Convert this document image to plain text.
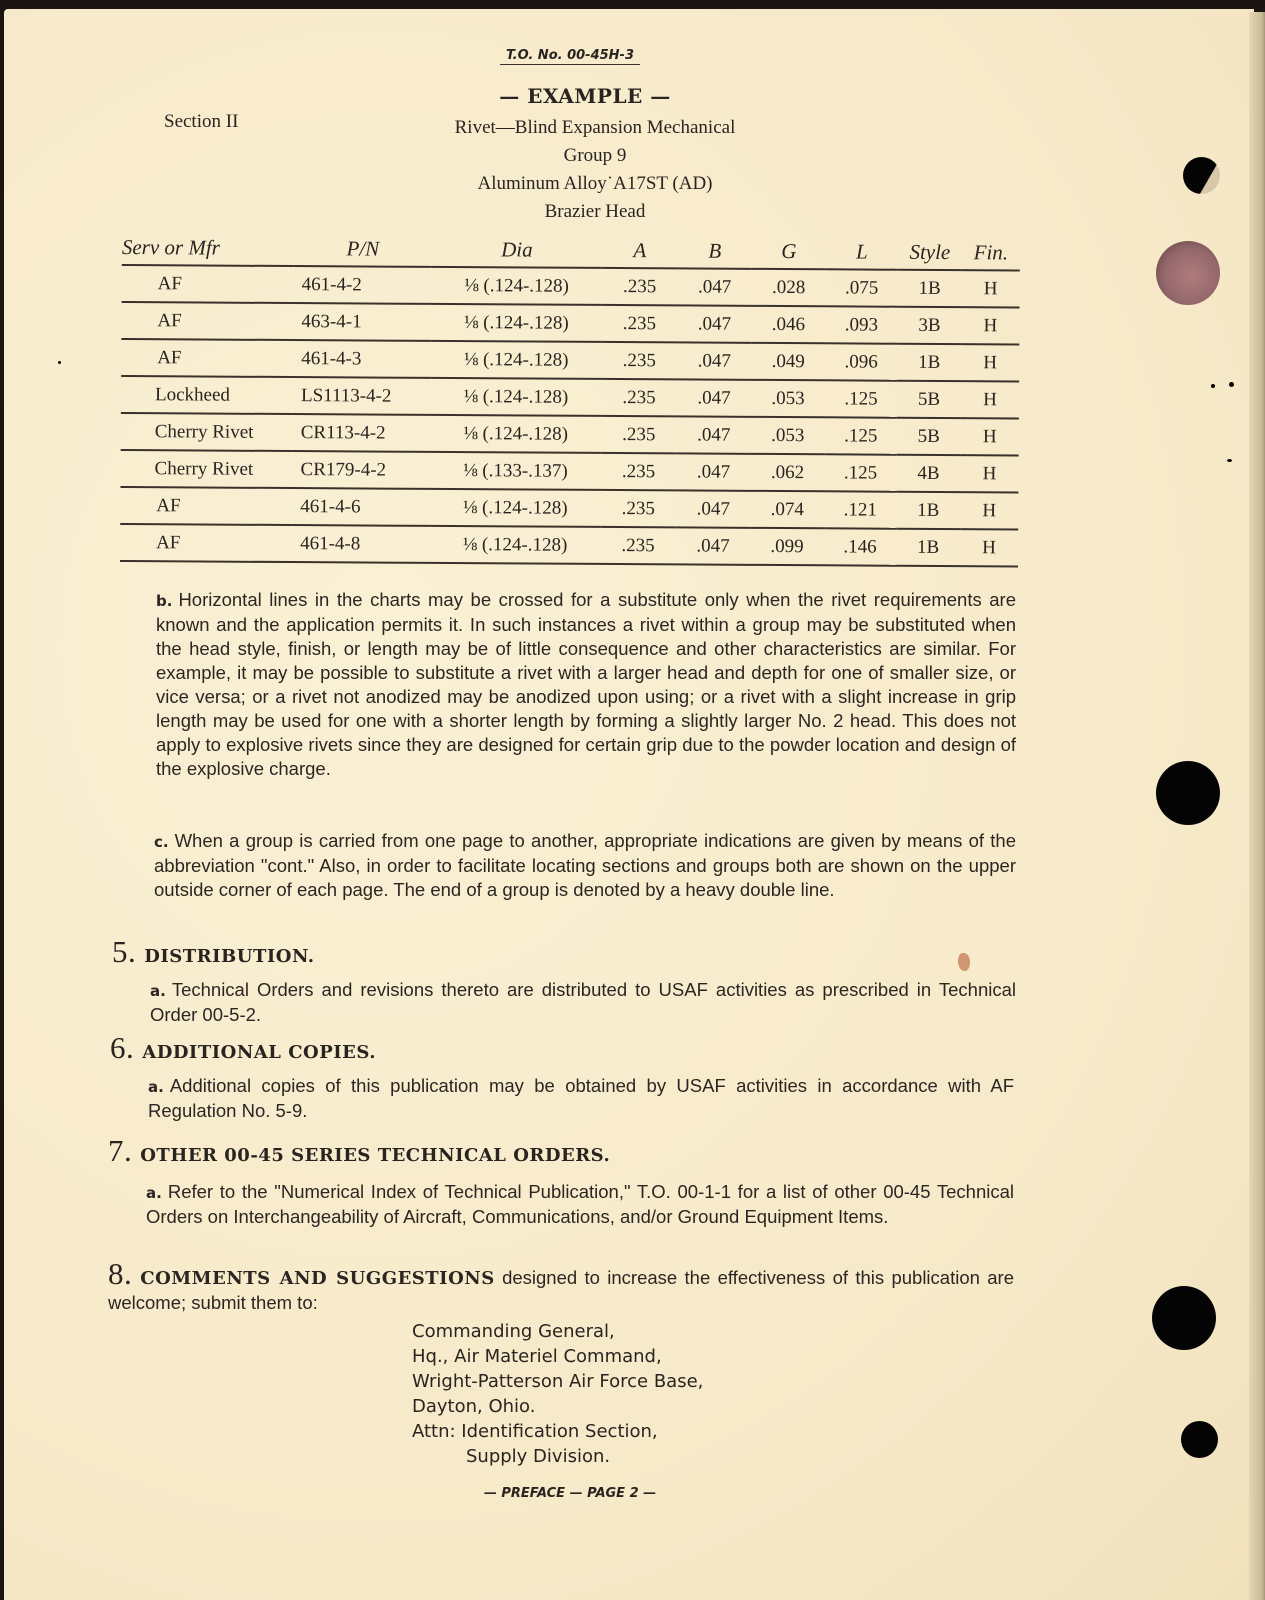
T.O. No. 00-45H-3
— EXAMPLE —
Section II	Rivet—Blind Expansion Mechanical
Group 9
Aluminum Alloy˙A17ST (AD)
Brazier Head
Serv or Mfr	P/N	Dia	A	B	G	L	Style	Fin.
AF	461-4-2	⅛ (.124-.128)	.235	.047	.028	.075	1B	H
AF	463-4-1	⅛ (.124-.128)	.235	.047	.046	.093	3B	H
AF	461-4-3	⅛ (.124-.128)	.235	.047	.049	.096	1B	H
Lockheed	LS1113-4-2	⅛ (.124-.128)	.235	.047	.053	.125	5B	H
Cherry Rivet	CR113-4-2	⅛ (.124-.128)	.235	.047	.053	.125	5B	H
Cherry Rivet	CR179-4-2	⅛ (.133-.137)	.235	.047	.062	.125	4B	H
AF	461-4-6	⅛ (.124-.128)	.235	.047	.074	.121	1B	H
AF	461-4-8	⅛ (.124-.128)	.235	.047	.099	.146	1B	H
b. Horizontal lines in the charts may be crossed for a substitute only when the rivet requirements are known and the application permits it. In such instances a rivet within a group may be substituted when the head style, finish, or length may be of little consequence and other characteristics are similar. For example, it may be possible to substitute a rivet with a larger head and depth for one of smaller size, or vice versa; or a rivet not anodized may be anodized upon using; or a rivet with a slight increase in grip length may be used for one with a shorter length by forming a slightly larger No. 2 head. This does not apply to explosive rivets since they are designed for certain grip due to the powder location and design of the explosive charge.
c. When a group is carried from one page to another, appropriate indications are given by means of the abbreviation "cont." Also, in order to facilitate locating sections and groups both are shown on the upper outside corner of each page. The end of a group is denoted by a heavy double line.
5. DISTRIBUTION.
a. Technical Orders and revisions thereto are distributed to USAF activities as prescribed in Technical Order 00-5-2.
6. ADDITIONAL COPIES.
a. Additional copies of this publication may be obtained by USAF activities in accordance with AF Regulation No. 5-9.
7. OTHER 00-45 SERIES TECHNICAL ORDERS.
a. Refer to the "Numerical Index of Technical Publication," T.O. 00-1-1 for a list of other 00-45 Technical Orders on Interchangeability of Aircraft, Communications, and/or Ground Equipment Items.
8. COMMENTS AND SUGGESTIONS designed to increase the effectiveness of this publication are welcome; submit them to:
Commanding General,
Hq., Air Materiel Command,
Wright-Patterson Air Force Base,
Dayton, Ohio.
Attn: Identification Section,
Supply Division.
— PREFACE — PAGE 2 —
